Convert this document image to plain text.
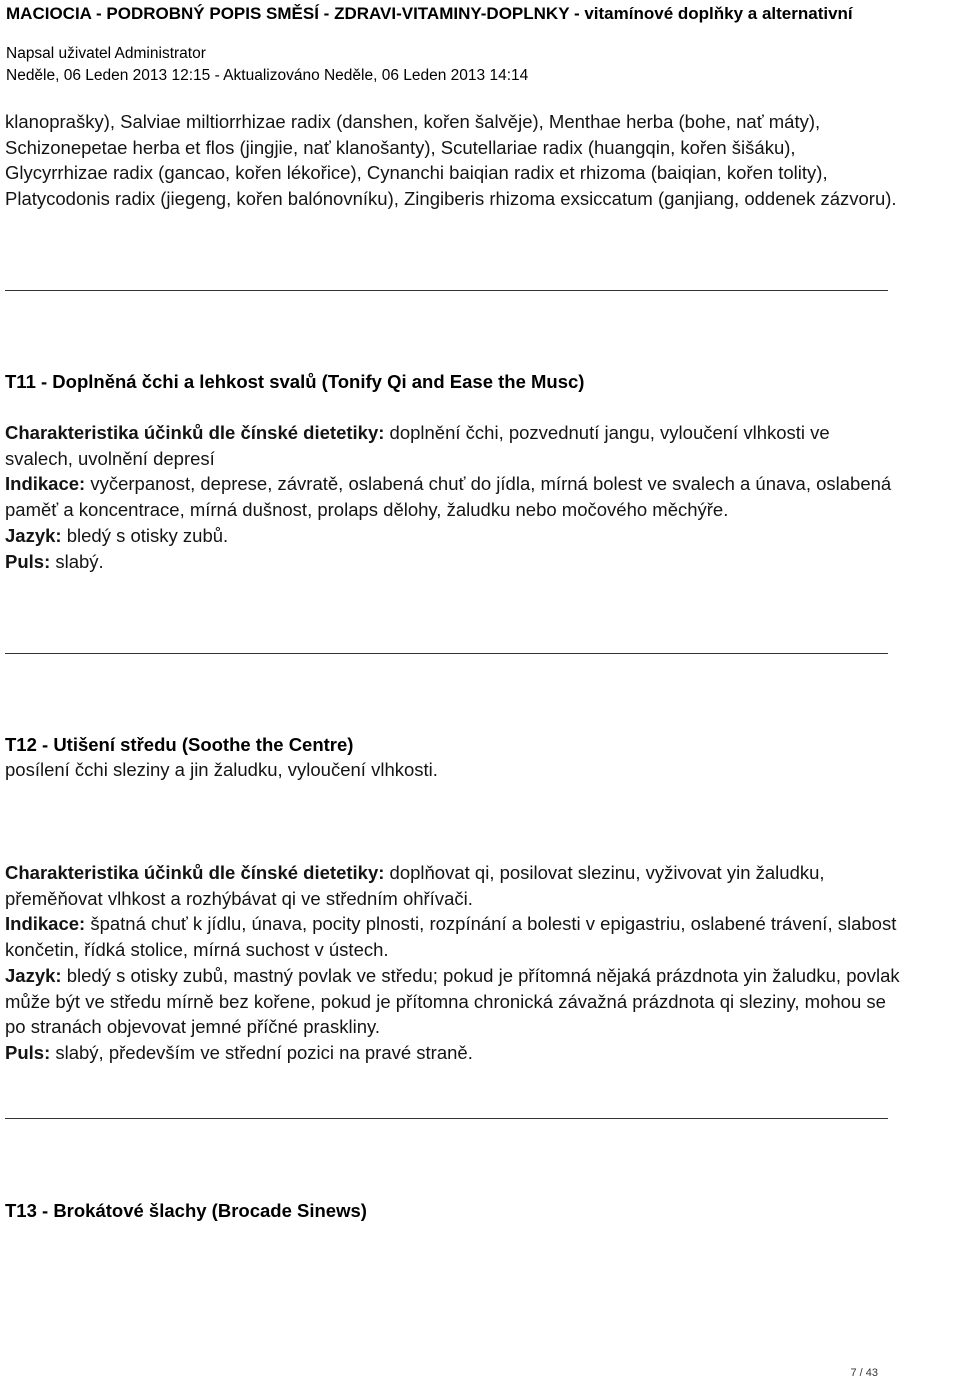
MACIOCIA - PODROBNÝ POPIS SMĚSÍ - ZDRAVI-VITAMINY-DOPLNKY - vitamínové doplňky a alternativní
Napsal uživatel Administrator
Neděle, 06 Leden 2013 12:15 - Aktualizováno Neděle, 06 Leden 2013 14:14

klanoprašky), Salviae miltiorrhizae radix (danshen, kořen šalvěje), Menthae herba (bohe, nať máty), Schizonepetae herba et flos (jingjie, nať klanošanty), Scutellariae radix (huangqin, kořen šišáku), Glycyrrhizae radix (gancao, kořen lékořice), Cynanchi baiqian radix et rhizoma (baiqian, kořen tolity), Platycodonis radix (jiegeng, kořen balónovníku), Zingiberis rhizoma exsiccatum (ganjiang, oddenek zázvoru).

T11 - Doplněná čchi a lehkost svalů (Tonify Qi and Ease the Musc)

Charakteristika účinků dle čínské dietetiky: doplnění čchi, pozvednutí jangu, vyloučení vlhkosti ve svalech, uvolnění depresí

Indikace: vyčerpanost, deprese, závratě, oslabená chuť do jídla, mírná bolest ve svalech a únava, oslabená paměť a koncentrace, mírná dušnost, prolaps dělohy, žaludku nebo močového měchýře.

Jazyk: bledý s otisky zubů.

Puls: slabý.

T12 - Utišení středu (Soothe the Centre)

posílení čchi sleziny a jin žaludku, vyloučení vlhkosti.

Charakteristika účinků dle čínské dietetiky: doplňovat qi, posilovat slezinu, vyživovat yin žaludku, přeměňovat vlhkost a rozhýbávat qi ve středním ohřívači.

Indikace: špatná chuť k jídlu, únava, pocity plnosti, rozpínání a bolesti v epigastriu, oslabené trávení, slabost končetin, řídká stolice, mírná suchost v ústech.

Jazyk: bledý s otisky zubů, mastný povlak ve středu; pokud je přítomná nějaká prázdnota yin žaludku, povlak může být ve středu mírně bez kořene, pokud je přítomna chronická závažná prázdnota qi sleziny, mohou se po stranách objevovat jemné příčné praskliny.

Puls: slabý, především ve střední pozici na pravé straně.

T13 - Brokátové šlachy (Brocade Sinews)
7 / 43
